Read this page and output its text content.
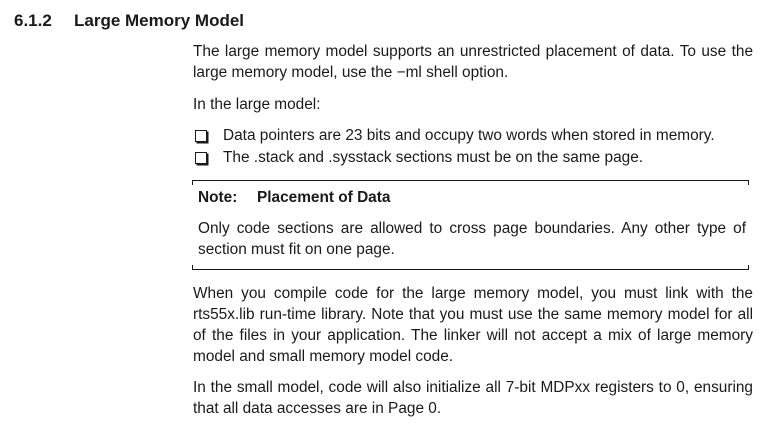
6.1.2 Large Memory Model

The large memory model supports an unrestricted placement of data. To use the large memory model, use the −ml shell option.

In the large model:

Data pointers are 23 bits and occupy two words when stored in memory.
The .stack and .sysstack sections must be on the same page.
Note: Placement of Data

Only code sections are allowed to cross page boundaries. Any other type of section must fit on one page.

When you compile code for the large memory model, you must link with the rts55x.lib run-time library. Note that you must use the same memory model for all of the files in your application. The linker will not accept a mix of large memory model and small memory model code.

In the small model, code will also initialize all 7-bit MDPxx registers to 0, ensuring that all data accesses are in Page 0.
